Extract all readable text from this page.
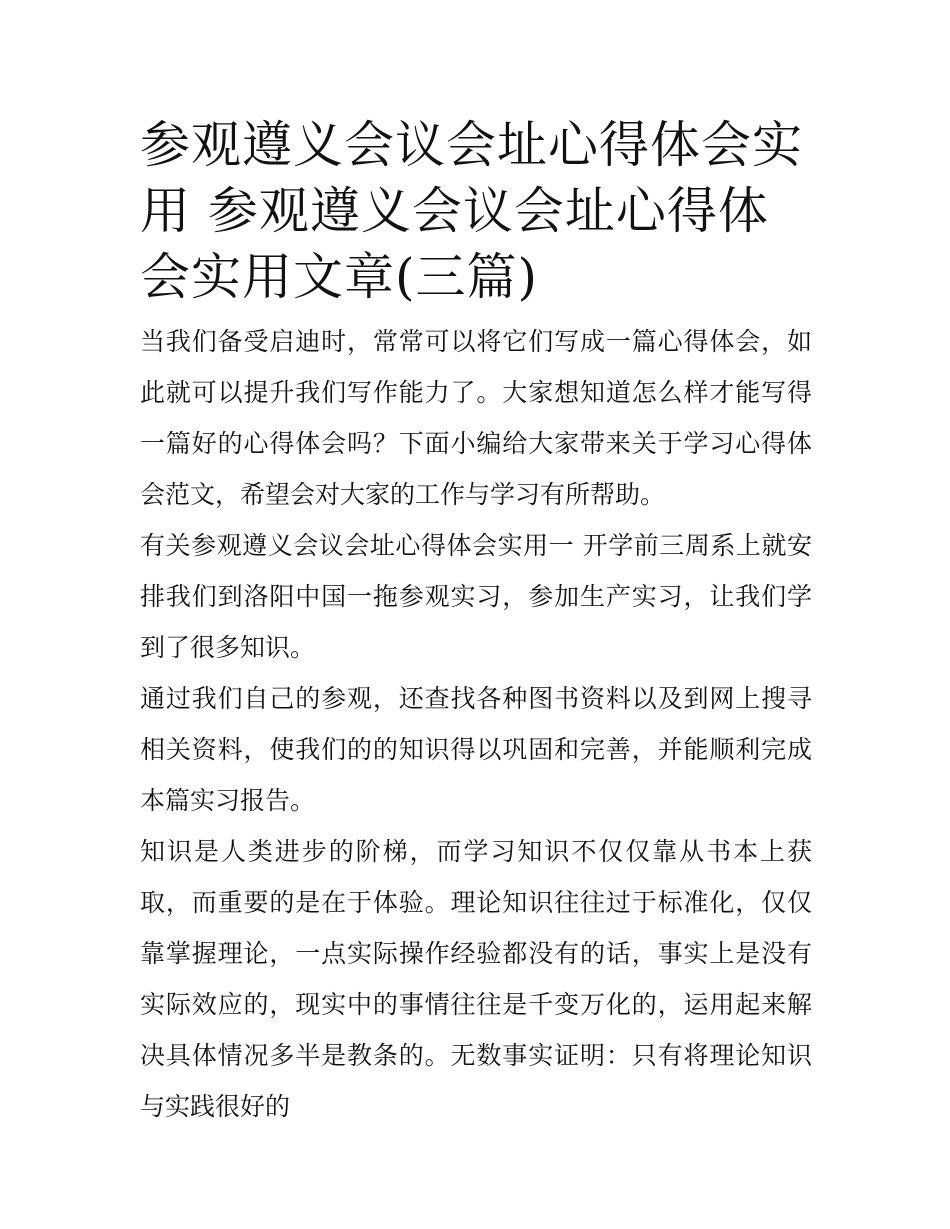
参观遵义会议会址心得体会实用 参观遵义会议会址心得体会实用文章(三篇)

当我们备受启迪时，常常可以将它们写成一篇心得体会，如此就可以提升我们写作能力了。大家想知道怎么样才能写得一篇好的心得体会吗？下面小编给大家带来关于学习心得体会范文，希望会对大家的工作与学习有所帮助。

有关参观遵义会议会址心得体会实用一 开学前三周系上就安排我们到洛阳中国一拖参观实习，参加生产实习，让我们学到了很多知识。

通过我们自己的参观，还查找各种图书资料以及到网上搜寻相关资料，使我们的的知识得以巩固和完善，并能顺利完成本篇实习报告。

知识是人类进步的阶梯，而学习知识不仅仅靠从书本上获取，而重要的是在于体验。理论知识往往过于标准化，仅仅靠掌握理论，一点实际操作经验都没有的话，事实上是没有实际效应的，现实中的事情往往是千变万化的，运用起来解决具体情况多半是教条的。无数事实证明：只有将理论知识与实践很好的
